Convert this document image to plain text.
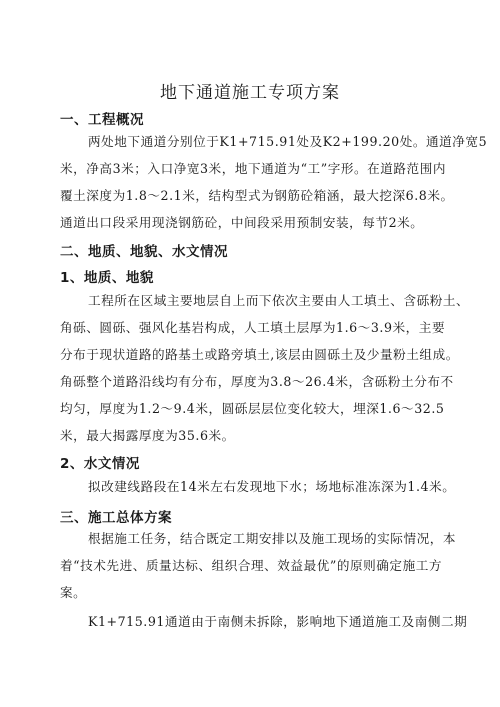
地下通道施工专项方案
一、工程概况
两处地下通道分别位于K1+715.91处及K2+199.20处。通道净宽5
米，净高3米；入口净宽3米，地下通道为“工”字形。在道路范围内
覆土深度为1.8～2.1米，结构型式为钢筋砼箱涵，最大挖深6.8米。
通道出口段采用现浇钢筋砼，中间段采用预制安装，每节2米。
二、地质、地貌、水文情况
1、地质、地貌
工程所在区域主要地层自上而下依次主要由人工填土、含砾粉土、
角砾、圆砾、强风化基岩构成，人工填土层厚为1.6～3.9米，主要
分布于现状道路的路基土或路旁填土,该层由圆砾土及少量粉土组成。
角砾整个道路沿线均有分布，厚度为3.8～26.4米，含砾粉土分布不
均匀，厚度为1.2～9.4米，圆砾层层位变化较大，埋深1.6～32.5
米，最大揭露厚度为35.6米。
2、水文情况
拟改建线路段在14米左右发现地下水；场地标准冻深为1.4米。
三、施工总体方案
根据施工任务，结合既定工期安排以及施工现场的实际情况，本
着“技术先进、质量达标、组织合理、效益最优”的原则确定施工方
案。
K1+715.91通道由于南侧未拆除，影响地下通道施工及南侧二期
